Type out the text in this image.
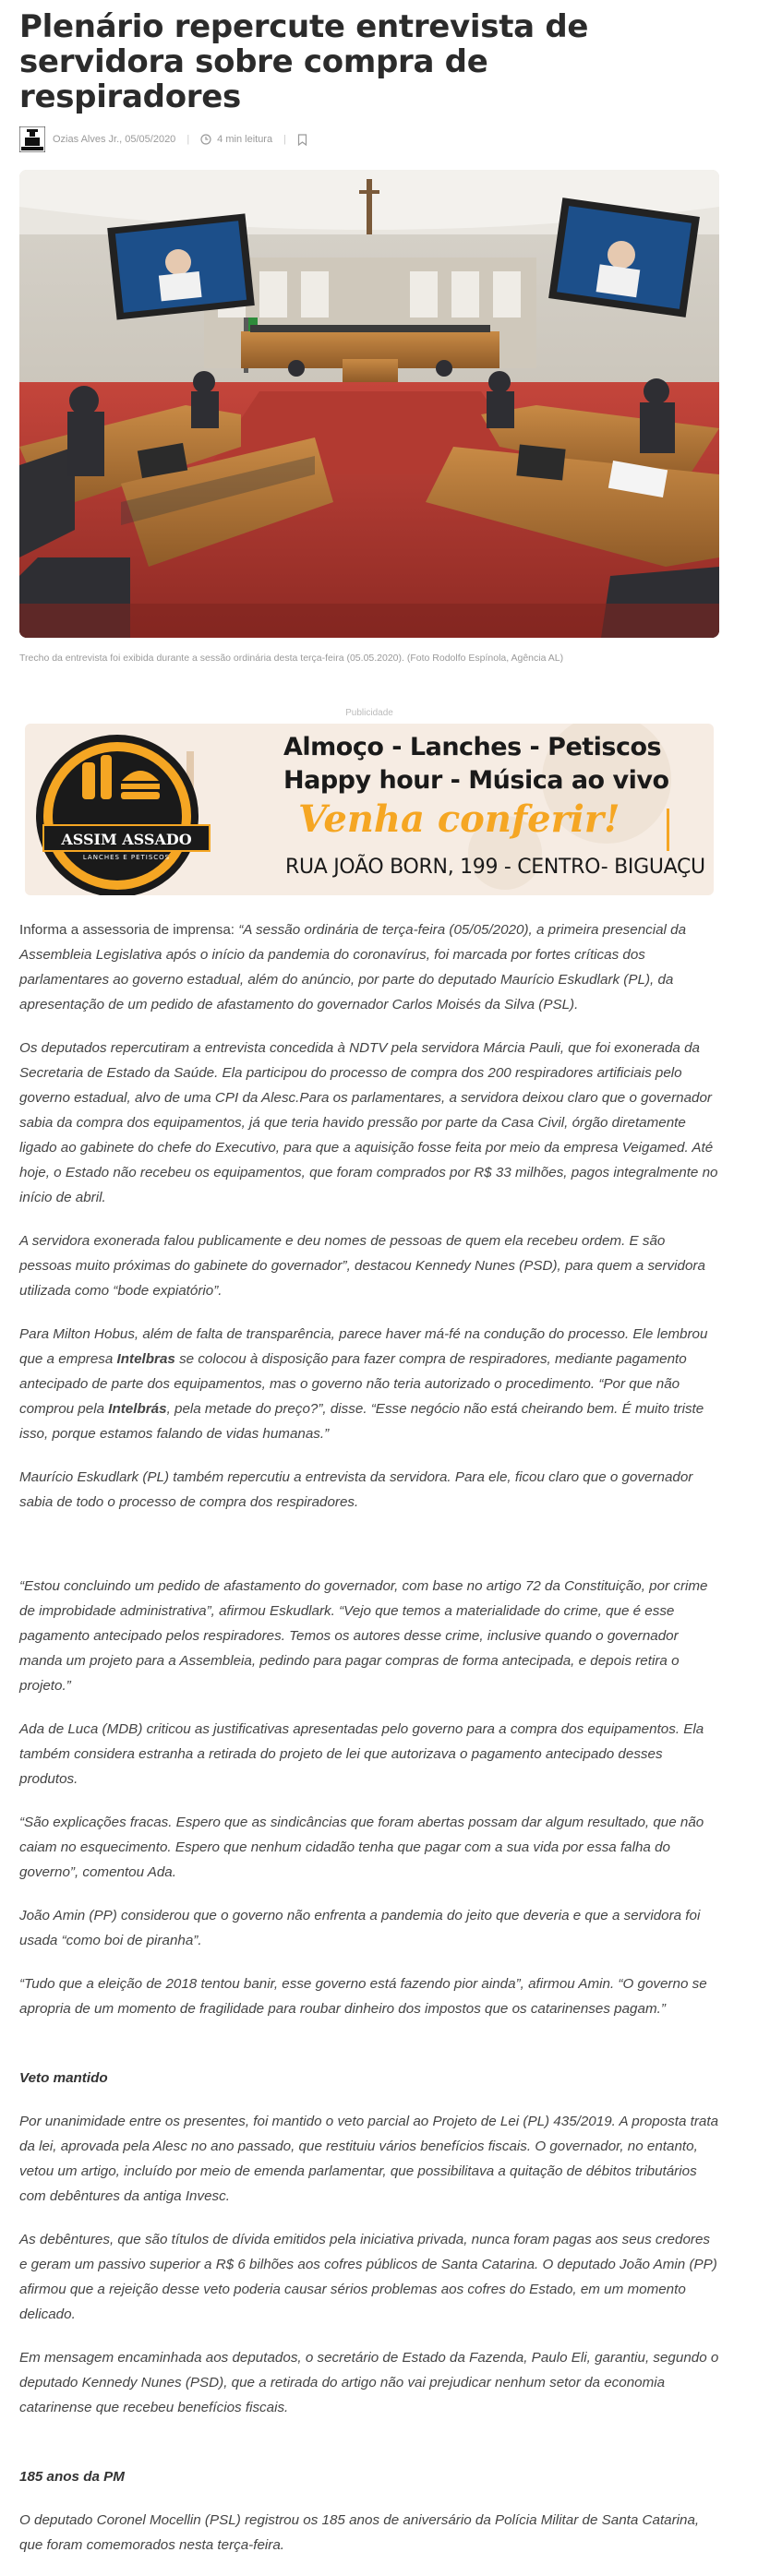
Plenário repercute entrevista de servidora sobre compra de respiradores
Ozias Alves Jr., 05/05/2020 |	4 min leitura |
Trecho da entrevista foi exibida durante a sessão ordinária desta terça-feira (05.05.2020). (Foto Rodolfo Espínola, Agência AL)
Publicidade
ASSIM ASSADO
LANCHES E PETISCOS
Almoço - Lanches - Petiscos
Happy hour - Música ao vivo
Venha conferir!
RUA JOÃO BORN, 199 - CENTRO- BIGUAÇU

Informa a assessoria de imprensa: “A sessão ordinária de terça-feira (05/05/2020), a primeira presencial da Assembleia Legislativa após o início da pandemia do coronavírus, foi marcada por fortes críticas dos parlamentares ao governo estadual, além do anúncio, por parte do deputado Maurício Eskudlark (PL), da apresentação de um pedido de afastamento do governador Carlos Moisés da Silva (PSL).

Os deputados repercutiram a entrevista concedida à NDTV pela servidora Márcia Pauli, que foi exonerada da Secretaria de Estado da Saúde. Ela participou do processo de compra dos 200 respiradores artificiais pelo governo estadual, alvo de uma CPI da Alesc.Para os parlamentares, a servidora deixou claro que o governador sabia da compra dos equipamentos, já que teria havido pressão por parte da Casa Civil, órgão diretamente ligado ao gabinete do chefe do Executivo, para que a aquisição fosse feita por meio da empresa Veigamed. Até hoje, o Estado não recebeu os equipamentos, que foram comprados por R$ 33 milhões, pagos integralmente no início de abril.

A servidora exonerada falou publicamente e deu nomes de pessoas de quem ela recebeu ordem. E são pessoas muito próximas do gabinete do governador”, destacou Kennedy Nunes (PSD), para quem a servidora utilizada como “bode expiatório”.

Para Milton Hobus, além de falta de transparência, parece haver má-fé na condução do processo. Ele lembrou que a empresa Intelbras se colocou à disposição para fazer compra de respiradores, mediante pagamento antecipado de parte dos equipamentos, mas o governo não teria autorizado o procedimento. “Por que não comprou pela Intelbrás, pela metade do preço?”, disse. “Esse negócio não está cheirando bem. É muito triste isso, porque estamos falando de vidas humanas.”

Maurício Eskudlark (PL) também repercutiu a entrevista da servidora. Para ele, ficou claro que o governador sabia de todo o processo de compra dos respiradores.

“Estou concluindo um pedido de afastamento do governador, com base no artigo 72 da Constituição, por crime de improbidade administrativa”, afirmou Eskudlark. “Vejo que temos a materialidade do crime, que é esse pagamento antecipado pelos respiradores. Temos os autores desse crime, inclusive quando o governador manda um projeto para a Assembleia, pedindo para pagar compras de forma antecipada, e depois retira o projeto.”

Ada de Luca (MDB) criticou as justificativas apresentadas pelo governo para a compra dos equipamentos. Ela também considera estranha a retirada do projeto de lei que autorizava o pagamento antecipado desses produtos.

“São explicações fracas. Espero que as sindicâncias que foram abertas possam dar algum resultado, que não caiam no esquecimento. Espero que nenhum cidadão tenha que pagar com a sua vida por essa falha do governo”, comentou Ada.

João Amin (PP) considerou que o governo não enfrenta a pandemia do jeito que deveria e que a servidora foi usada “como boi de piranha”.

“Tudo que a eleição de 2018 tentou banir, esse governo está fazendo pior ainda”, afirmou Amin. “O governo se apropria de um momento de fragilidade para roubar dinheiro dos impostos que os catarinenses pagam.”

Veto mantido

Por unanimidade entre os presentes, foi mantido o veto parcial ao Projeto de Lei (PL) 435/2019. A proposta trata da lei, aprovada pela Alesc no ano passado, que restituiu vários benefícios fiscais. O governador, no entanto, vetou um artigo, incluído por meio de emenda parlamentar, que possibilitava a quitação de débitos tributários com debêntures da antiga Invesc.

As debêntures, que são títulos de dívida emitidos pela iniciativa privada, nunca foram pagas aos seus credores e geram um passivo superior a R$ 6 bilhões aos cofres públicos de Santa Catarina. O deputado João Amin (PP) afirmou que a rejeição desse veto poderia causar sérios problemas aos cofres do Estado, em um momento delicado.

Em mensagem encaminhada aos deputados, o secretário de Estado da Fazenda, Paulo Eli, garantiu, segundo o deputado Kennedy Nunes (PSD), que a retirada do artigo não vai prejudicar nenhum setor da economia catarinense que recebeu benefícios fiscais.

185 anos da PM

O deputado Coronel Mocellin (PSL) registrou os 185 anos de aniversário da Polícia Militar de Santa Catarina, que foram comemorados nesta terça-feira.
